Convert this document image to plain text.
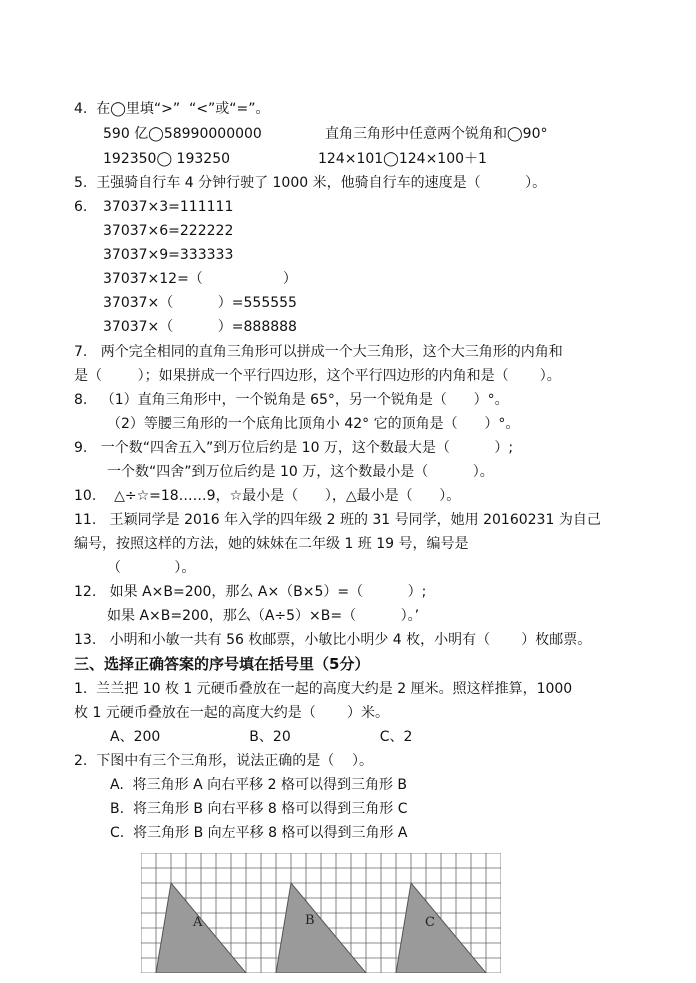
4.  在◯里填“>”  “<”或“=”。
590 亿◯58990000000	直角三角形中任意两个锐角和◯90°
192350◯ 193250	124×101◯124×100＋1
5.  王强骑自行车 4 分钟行驶了 1000 米，他骑自行车的速度是（          ）。
6. 37037×3=111111
37037×6=222222
37037×9=333333
37037×12=（                  ）
37037×（          ）=555555
37037×（          ）=888888
7.   两个完全相同的直角三角形可以拼成一个大三角形，这个大三角形的内角和
是（        ）；如果拼成一个平行四边形，这个平行四边形的内角和是（       ）。
8.   （1）直角三角形中，一个锐角是 65°，另一个锐角是（      ）°。
（2）等腰三角形的一个底角比顶角小 42° 它的顶角是（      ）°。
9.   一个数“四舍五入”到万位后约是 10 万，这个数最大是（          ）;
一个数“四舍”到万位后约是 10 万，这个数最小是（          ）。
10.    △÷☆=18……9，☆最小是（      ），△最小是（      ）。
11.   王颖同学是 2016 年入学的四年级 2 班的 31 号同学，她用 20160231 为自己
编号，按照这样的方法，她的妹妹在二年级 1 班 19 号，编号是
（            ）。
12.   如果 A×B=200，那么 A×（B×5）=（          ）;
如果 A×B=200，那么（A÷5）×B=（          ）。’
13.   小明和小敏一共有 56 枚邮票，小敏比小明少 4 枚，小明有（       ）枚邮票。
三、选择正确答案的序号填在括号里（5分）
1.  兰兰把 10 枚 1 元硬币叠放在一起的高度大约是 2 厘米。照这样推算，1000
枚 1 元硬币叠放在一起的高度大约是（       ）米。
A、200                    B、20                    C、2
2.  下图中有三个三角形，说法正确的是（    ）。
A.  将三角形 A 向右平移 2 格可以得到三角形 B
B.  将三角形 B 向右平移 8 格可以得到三角形 C
C.  将三角形 B 向左平移 8 格可以得到三角形 A
A	B	C
